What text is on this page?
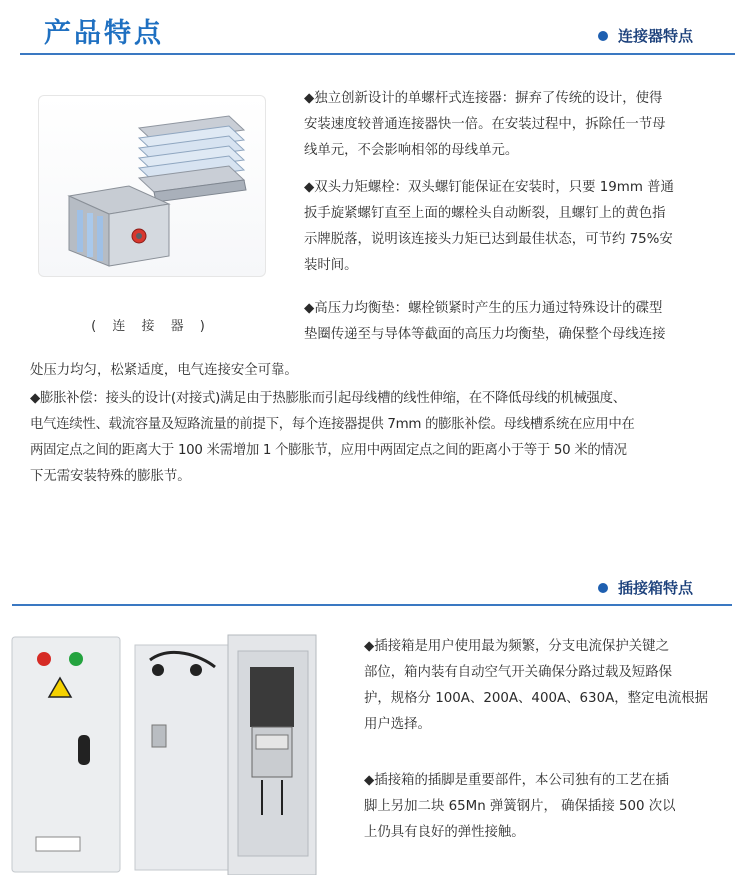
产品特点	连接器特点
( 连 接 器 )

◆独立创新设计的单螺杆式连接器：摒弃了传统的设计，使得

安装速度较普通连接器快一倍。在安装过程中，拆除任一节母

线单元，不会影响相邻的母线单元。

◆双头力矩螺栓：双头螺钉能保证在安装时，只要 19mm 普通

扳手旋紧螺钉直至上面的螺栓头自动断裂，且螺钉上的黄色指

示牌脱落，说明该连接头力矩已达到最佳状态，可节约 75%安

装时间。

◆高压力均衡垫：螺栓锁紧时产生的压力通过特殊设计的碟型

垫圈传递至与导体等截面的高压力均衡垫，确保整个母线连接

处压力均匀，松紧适度，电气连接安全可靠。

◆膨胀补偿：接头的设计(对接式)满足由于热膨胀而引起母线槽的线性伸缩，在不降低母线的机械强度、

电气连续性、载流容量及短路流量的前提下，每个连接器提供 7mm 的膨胀补偿。母线槽系统在应用中在

两固定点之间的距离大于 100 米需增加 1 个膨胀节，应用中两固定点之间的距离小于等于 50 米的情况

下无需安装特殊的膨胀节。

插接箱特点

◆插接箱是用户使用最为频繁，分支电流保护关键之

部位，箱内装有自动空气开关确保分路过载及短路保

护，规格分 100A、200A、400A、630A，整定电流根据

用户选择。

◆插接箱的插脚是重要部件，本公司独有的工艺在插

脚上另加二块 65Mn 弹簧钢片， 确保插接 500 次以

上仍具有良好的弹性接触。
